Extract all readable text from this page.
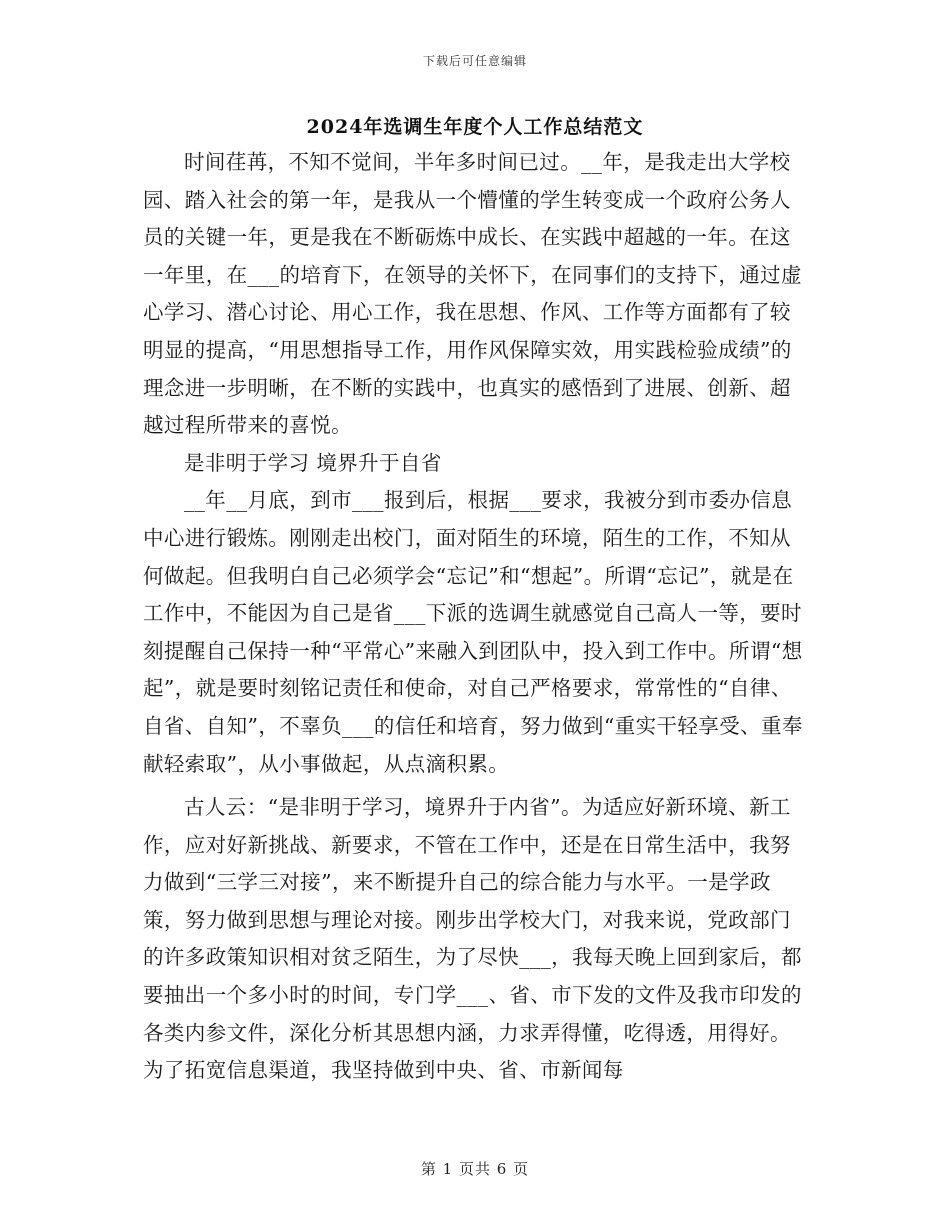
下载后可任意编辑
2024年选调生年度个人工作总结范文

时间荏苒，不知不觉间，半年多时间已过。__年，是我走出大学校园、踏入社会的第一年，是我从一个懵懂的学生转变成一个政府公务人员的关键一年，更是我在不断砺炼中成长、在实践中超越的一年。在这一年里，在___的培育下，在领导的关怀下，在同事们的支持下，通过虚心学习、潜心讨论、用心工作，我在思想、作风、工作等方面都有了较明显的提高，“用思想指导工作，用作风保障实效，用实践检验成绩”的理念进一步明晰，在不断的实践中，也真实的感悟到了进展、创新、超越过程所带来的喜悦。

是非明于学习 境界升于自省

__年__月底，到市___报到后，根据___要求，我被分到市委办信息中心进行锻炼。刚刚走出校门，面对陌生的环境，陌生的工作，不知从何做起。但我明白自己必须学会“忘记”和“想起”。所谓“忘记”，就是在工作中，不能因为自己是省___下派的选调生就感觉自己高人一等，要时刻提醒自己保持一种“平常心”来融入到团队中，投入到工作中。所谓“想起”，就是要时刻铭记责任和使命，对自己严格要求，常常性的“自律、自省、自知”，不辜负___的信任和培育，努力做到“重实干轻享受、重奉献轻索取”，从小事做起，从点滴积累。

古人云：“是非明于学习，境界升于内省”。为适应好新环境、新工作，应对好新挑战、新要求，不管在工作中，还是在日常生活中，我努力做到“三学三对接”，来不断提升自己的综合能力与水平。一是学政策，努力做到思想与理论对接。刚步出学校大门，对我来说，党政部门的许多政策知识相对贫乏陌生，为了尽快___，我每天晚上回到家后，都要抽出一个多小时的时间，专门学___、省、市下发的文件及我市印发的各类内参文件，深化分析其思想内涵，力求弄得懂，吃得透，用得好。为了拓宽信息渠道，我坚持做到中央、省、市新闻每

第 1 页共 6 页
